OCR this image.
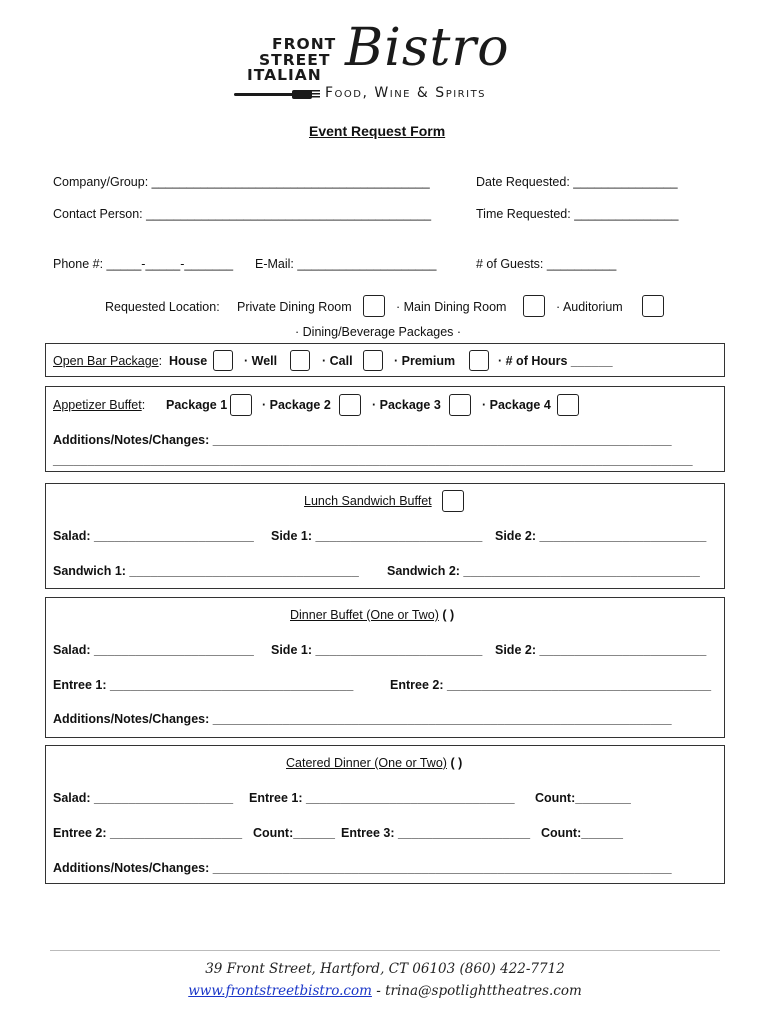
FRONT
STREET
ITALIAN Bistro
Food, Wine & Spirits
Event Request Form
Company/Group: ________________________________________	Date Requested: _______________
Contact Person: _________________________________________	Time Requested: _______________
Phone #: _____-_____-_______ E-Mail: ____________________	# of Guests: __________
Requested Location: Private Dining Room	· Main Dining Room	· Auditorium
· Dining/Beverage Packages ·
Open Bar Package: House	· Well	· Call	· Premium	· # of Hours ______
Appetizer Buffet: Package 1	· Package 2	· Package 3	· Package 4
Additions/Notes/Changes: __________________________________________________________________
____________________________________________________________________________________________
Lunch Sandwich Buffet
Salad: _______________________ Side 1: ________________________ Side 2: ________________________
Sandwich 1: _________________________________ Sandwich 2: __________________________________
Dinner Buffet (One or Two) ( )
Salad: _______________________ Side 1: ________________________ Side 2: ________________________
Entree 1: ___________________________________	Entree 2: ______________________________________
Additions/Notes/Changes: __________________________________________________________________
Catered Dinner (One or Two) ( )
Salad: ____________________ Entree 1: ______________________________ Count:________
Entree 2: ___________________ Count:______ Entree 3: ___________________ Count:______
Additions/Notes/Changes: __________________________________________________________________
39 Front Street, Hartford, CT 06103 (860) 422-7712
www.frontstreetbistro.com - trina@spotlighttheatres.com
